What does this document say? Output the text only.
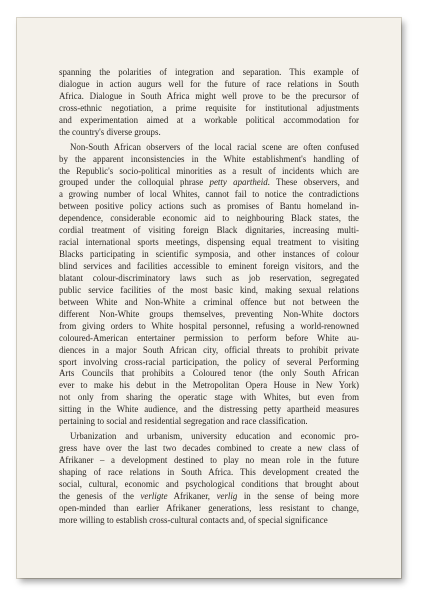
spanning the polarities of integration and separation. This example of
dialogue in action augurs well for the future of race relations in South
Africa. Dialogue in South Africa might well prove to be the precursor of
cross-ethnic negotiation, a prime requisite for institutional adjustments
and experimentation aimed at a workable political accommodation for
the country's diverse groups.
Non-South African observers of the local racial scene are often confused
by the apparent inconsistencies in the White establishment's handling of
the Republic's socio-political minorities as a result of incidents which are
grouped under the colloquial phrase petty apartheid. These observers, and
a growing number of local Whites, cannot fail to notice the contradictions
between positive policy actions such as promises of Bantu homeland in-
dependence, considerable economic aid to neighbouring Black states, the
cordial treatment of visiting foreign Black dignitaries, increasing multi-
racial international sports meetings, dispensing equal treatment to visiting
Blacks participating in scientific symposia, and other instances of colour
blind services and facilities accessible to eminent foreign visitors, and the
blatant colour-discriminatory laws such as job reservation, segregated
public service facilities of the most basic kind, making sexual relations
between White and Non-White a criminal offence but not between the
different Non-White groups themselves, preventing Non-White doctors
from giving orders to White hospital personnel, refusing a world-renowned
coloured-American entertainer permission to perform before White au-
diences in a major South African city, official threats to prohibit private
sport involving cross-racial participation, the policy of several Performing
Arts Councils that prohibits a Coloured tenor (the only South African
ever to make his debut in the Metropolitan Opera House in New York)
not only from sharing the operatic stage with Whites, but even from
sitting in the White audience, and the distressing petty apartheid measures
pertaining to social and residential segregation and race classification.
Urbanization and urbanism, university education and economic pro-
gress have over the last two decades combined to create a new class of
Afrikaner – a development destined to play no mean role in the future
shaping of race relations in South Africa. This development created the
social, cultural, economic and psychological conditions that brought about
the genesis of the verligte Afrikaner, verlig in the sense of being more
open-minded than earlier Afrikaner generations, less resistant to change,
more willing to establish cross-cultural contacts and, of special significance
